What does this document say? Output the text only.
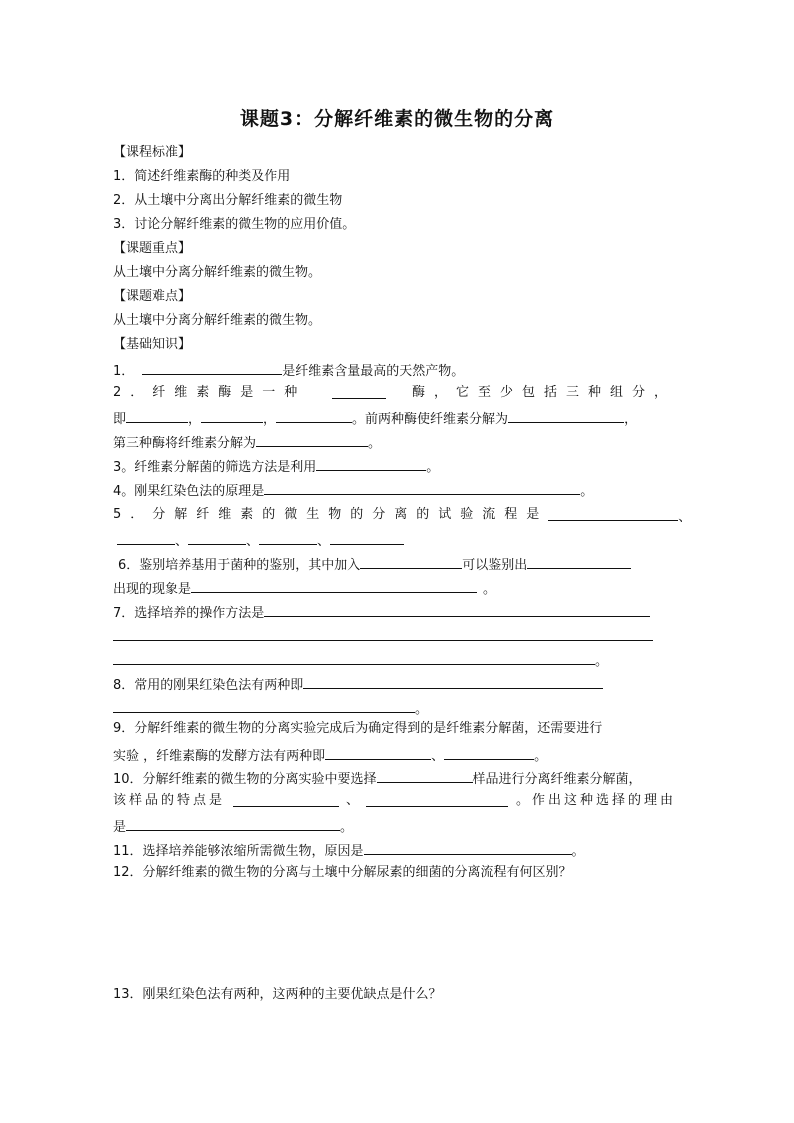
课题3：分解纤维素的微生物的分离
【课程标准】
1．简述纤维素酶的种类及作用
2．从土壤中分离出分解纤维素的微生物
3．讨论分解纤维素的微生物的应用价值。
【课题重点】
从土壤中分离分解纤维素的微生物。
【课题难点】
从土壤中分离分解纤维素的微生物。
【基础知识】
1．	是纤维素含量最高的天然产物。
2．纤维素酶是一种	酶，它至少包括三种组分，
即	，	，	。前两种酶使纤维素分解为	，
第三种酶将纤维素分解为	。
3。纤维素分解菌的筛选方法是利用	。
4。刚果红染色法的原理是	。
5．分解纤维素的微生物的分离的试验流程是	、
、	、	、
6．鉴别培养基用于菌种的鉴别，其中加入	可以鉴别出
出现的现象是	。
7．选择培养的操作方法是
。
8．常用的刚果红染色法有两种即
。
9．分解纤维素的微生物的分离实验完成后为确定得到的是纤维素分解菌，还需要进行
实验 ，纤维素酶的发酵方法有两种即	、	。
10．分解纤维素的微生物的分离实验中要选择	样品进行分离纤维素分解菌，
该样品的特点是	、	。作出这种选择的理由
是	。
11．选择培养能够浓缩所需微生物，原因是	。
12．分解纤维素的微生物的分离与土壤中分解尿素的细菌的分离流程有何区别？
13．刚果红染色法有两种，这两种的主要优缺点是什么？
